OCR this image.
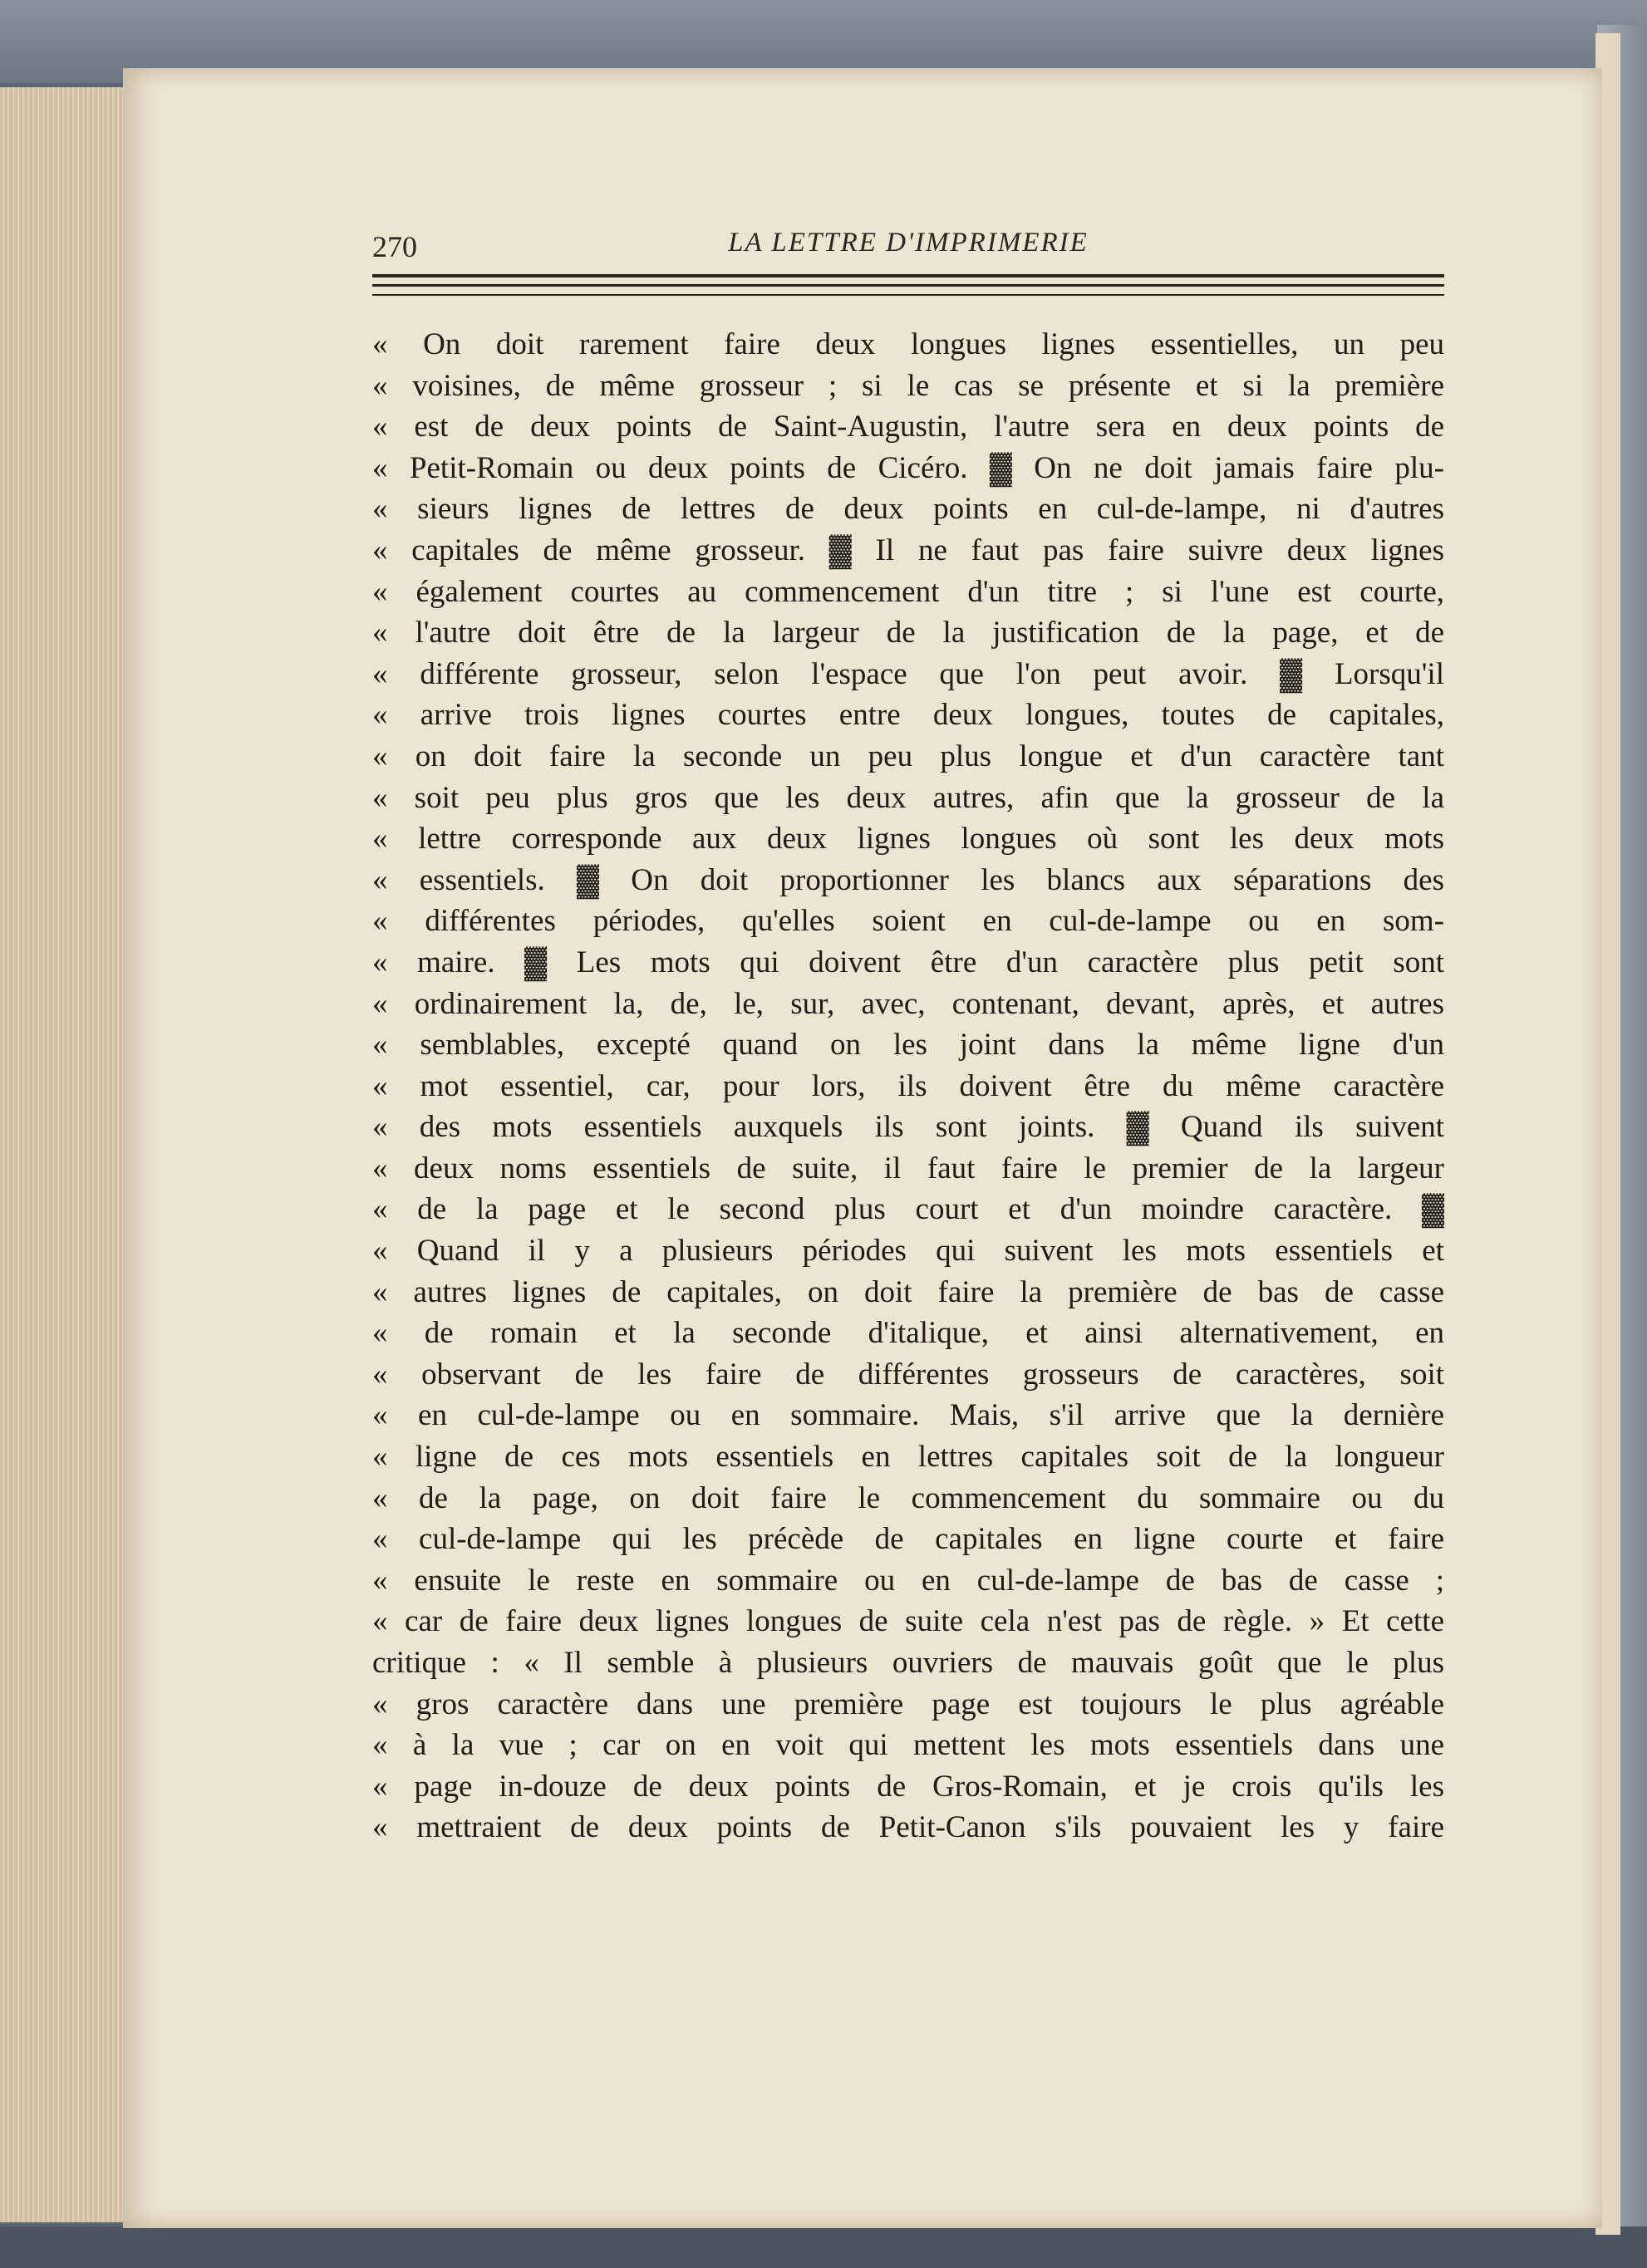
270	LA LETTRE D'IMPRIMERIE
« On doit rarement faire deux longues lignes essentielles, un peu
« voisines, de même grosseur ; si le cas se présente et si la première
« est de deux points de Saint-Augustin, l'autre sera en deux points de
« Petit-Romain ou deux points de Cicéro. ▓ On ne doit jamais faire plu-
« sieurs lignes de lettres de deux points en cul-de-lampe, ni d'autres
« capitales de même grosseur. ▓ Il ne faut pas faire suivre deux lignes
« également courtes au commencement d'un titre ; si l'une est courte,
« l'autre doit être de la largeur de la justification de la page, et de
« différente grosseur, selon l'espace que l'on peut avoir. ▓ Lorsqu'il
« arrive trois lignes courtes entre deux longues, toutes de capitales,
« on doit faire la seconde un peu plus longue et d'un caractère tant
« soit peu plus gros que les deux autres, afin que la grosseur de la
« lettre corresponde aux deux lignes longues où sont les deux mots
« essentiels. ▓ On doit proportionner les blancs aux séparations des
« différentes périodes, qu'elles soient en cul-de-lampe ou en som-
« maire. ▓ Les mots qui doivent être d'un caractère plus petit sont
« ordinairement la, de, le, sur, avec, contenant, devant, après, et autres
« semblables, excepté quand on les joint dans la même ligne d'un
« mot essentiel, car, pour lors, ils doivent être du même caractère
« des mots essentiels auxquels ils sont joints. ▓ Quand ils suivent
« deux noms essentiels de suite, il faut faire le premier de la largeur
« de la page et le second plus court et d'un moindre caractère. ▓
« Quand il y a plusieurs périodes qui suivent les mots essentiels et
« autres lignes de capitales, on doit faire la première de bas de casse
« de romain et la seconde d'italique, et ainsi alternativement, en
« observant de les faire de différentes grosseurs de caractères, soit
« en cul-de-lampe ou en sommaire. Mais, s'il arrive que la dernière
« ligne de ces mots essentiels en lettres capitales soit de la longueur
« de la page, on doit faire le commencement du sommaire ou du
« cul-de-lampe qui les précède de capitales en ligne courte et faire
« ensuite le reste en sommaire ou en cul-de-lampe de bas de casse ;
« car de faire deux lignes longues de suite cela n'est pas de règle. » Et cette
critique : « Il semble à plusieurs ouvriers de mauvais goût que le plus
« gros caractère dans une première page est toujours le plus agréable
« à la vue ; car on en voit qui mettent les mots essentiels dans une
« page in-douze de deux points de Gros-Romain, et je crois qu'ils les
« mettraient de deux points de Petit-Canon s'ils pouvaient les y faire
